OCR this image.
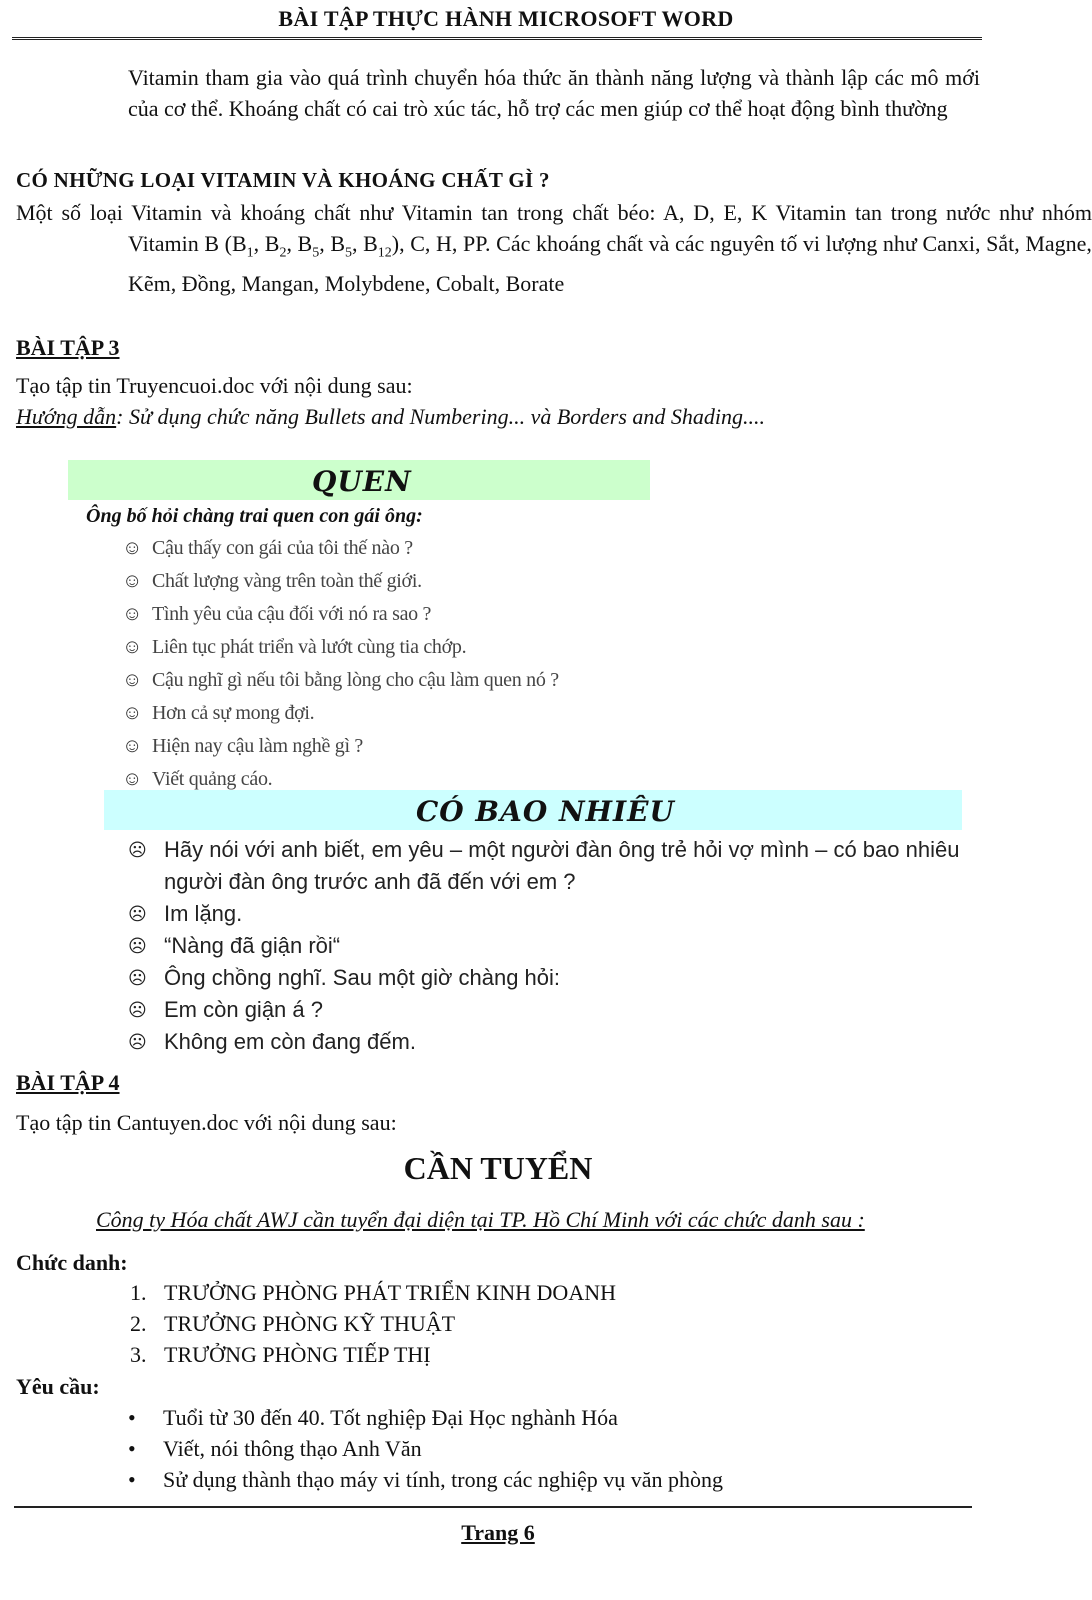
BÀI TẬP THỰC HÀNH MICROSOFT WORD

Vitamin tham gia vào quá trình chuyển hóa thức ăn thành năng lượng và thành lập các mô mới của cơ thể. Khoáng chất có cai trò xúc tác, hỗ trợ các men giúp cơ thể hoạt động bình thường

CÓ NHỮNG LOẠI VITAMIN VÀ KHOÁNG CHẤT GÌ ?

Một số loại Vitamin và khoáng chất như Vitamin tan trong chất béo: A, D, E, K Vitamin tan trong nước như nhóm Vitamin B ($B_1$, $B_2$, $B_5$, $B_5$, $B_{12}$), C, H, PP. Các khoáng chất và các nguyên tố vi lượng như Canxi, Sắt, Magne, Kẽm, Đồng, Mangan, Molybdene, Cobalt, Borate

BÀI TẬP 3
Tạo tập tin Truyencuoi.doc với nội dung sau:
Hướng dẫn: Sử dụng chức năng Bullets and Numbering... và Borders and Shading....
QUEN
Ông bố hỏi chàng trai quen con gái ông:
☺ Cậu thấy con gái của tôi thế nào ?
☺ Chất lượng vàng trên toàn thế giới.
☺ Tình yêu của cậu đối với nó ra sao ?
☺ Liên tục phát triển và lướt cùng tia chớp.
☺ Cậu nghĩ gì nếu tôi bằng lòng cho cậu làm quen nó ?
☺ Hơn cả sự mong đợi.
☺ Hiện nay cậu làm nghề gì ?
☺ Viết quảng cáo.
CÓ BAO NHIÊU
☹ Hãy nói với anh biết, em yêu – một người đàn ông trẻ hỏi vợ mình – có bao nhiêu người đàn ông trước anh đã đến với em ?
☹ Im lặng.
☹ “Nàng đã giận rồi“
☹ Ông chồng nghĩ. Sau một giờ chàng hỏi:
☹ Em còn giận á ?
☹ Không em còn đang đếm.
BÀI TẬP 4
Tạo tập tin Cantuyen.doc với nội dung sau:
CẦN TUYỂN
Công ty Hóa chất AWJ cần tuyển đại diện tại TP. Hồ Chí Minh với các chức danh sau :
Chức danh:
1. TRƯỞNG PHÒNG PHÁT TRIỂN KINH DOANH
2. TRƯỞNG PHÒNG KỸ THUẬT
3. TRƯỞNG PHÒNG TIẾP THỊ
Yêu cầu:
• Tuổi từ 30 đến 40. Tốt nghiệp Đại Học nghành Hóa
• Viết, nói thông thạo Anh Văn
• Sử dụng thành thạo máy vi tính, trong các nghiệp vụ văn phòng
Trang 6
